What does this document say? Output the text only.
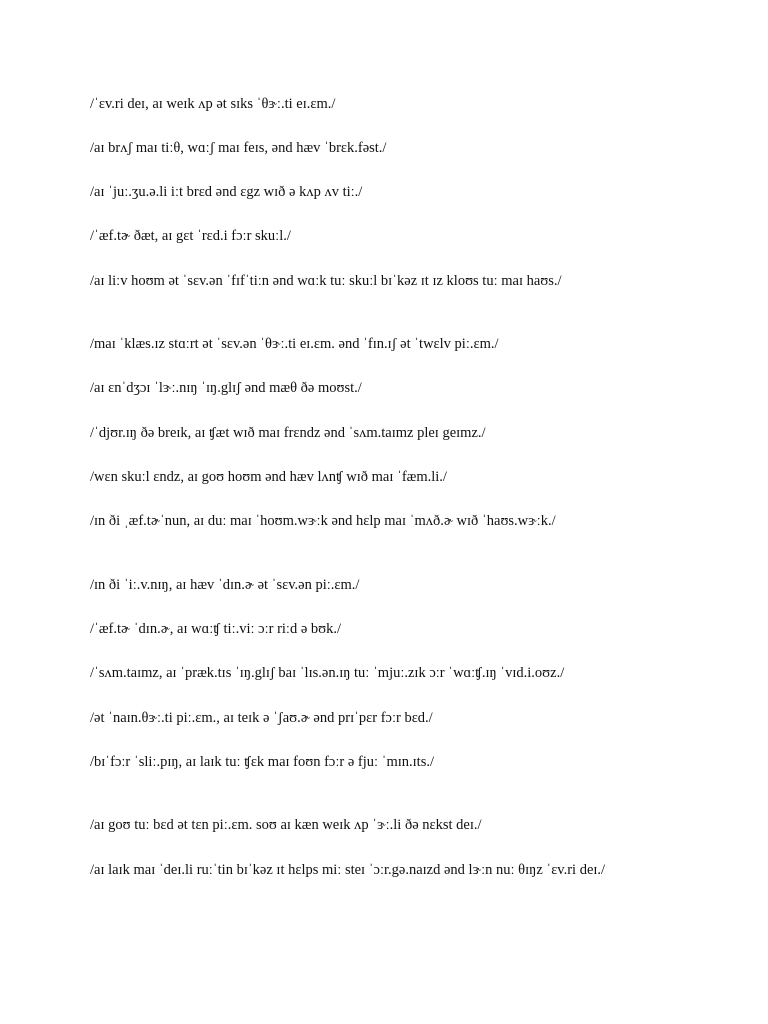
/ˈɛv.ri deɪ, aɪ weɪk ʌp ət sɪks ˈθɝː.ti eɪ.ɛm./
/aɪ brʌʃ maɪ tiːθ, wɑːʃ maɪ feɪs, ənd hæv ˈbrɛk.fəst./
/aɪ ˈjuː.ʒu.ə.li iːt brɛd ənd ɛgz wɪð ə kʌp ʌv tiː./
/ˈæf.tɚ ðæt, aɪ gɛt ˈrɛd.i fɔːr skuːl./
/aɪ liːv hoʊm ət ˈsɛv.ən ˈfɪfˈtiːn ənd wɑːk tuː skuːl bɪˈkəz ɪt ɪz kloʊs tuː maɪ haʊs./
/maɪ ˈklæs.ɪz stɑːrt ət ˈsɛv.ən ˈθɝː.ti eɪ.ɛm. ənd ˈfɪn.ɪʃ ət ˈtwɛlv piː.ɛm./
/aɪ ɛnˈdʒɔɪ ˈlɝː.nɪŋ ˈɪŋ.glɪʃ ənd mæθ ðə moʊst./
/ˈdjʊr.ɪŋ ðə breɪk, aɪ ʧæt wɪð maɪ frɛndz ənd ˈsʌm.taɪmz pleɪ geɪmz./
/wɛn skuːl ɛndz, aɪ goʊ hoʊm ənd hæv lʌnʧ wɪð maɪ ˈfæm.li./
/ɪn ði ˌæf.tɚˈnun, aɪ duː maɪ ˈhoʊm.wɝːk ənd hɛlp maɪ ˈmʌð.ɚ wɪð ˈhaʊs.wɝːk./
/ɪn ði ˈiː.v.nɪŋ, aɪ hæv ˈdɪn.ɚ ət ˈsɛv.ən piː.ɛm./
/ˈæf.tɚ ˈdɪn.ɚ, aɪ wɑːʧ tiː.viː ɔːr riːd ə bʊk./
/ˈsʌm.taɪmz, aɪ ˈpræk.tɪs ˈɪŋ.glɪʃ baɪ ˈlɪs.ən.ɪŋ tuː ˈmjuː.zɪk ɔːr ˈwɑːʧ.ɪŋ ˈvɪd.i.oʊz./
/ət ˈnaɪn.θɝː.ti piː.ɛm., aɪ teɪk ə ˈʃaʊ.ɚ ənd prɪˈpɛr fɔːr bɛd./
/bɪˈfɔːr ˈsliː.pɪŋ, aɪ laɪk tuː ʧɛk maɪ foʊn fɔːr ə fjuː ˈmɪn.ɪts./
/aɪ goʊ tuː bɛd ət tɛn piː.ɛm. soʊ aɪ kæn weɪk ʌp ˈɝː.li ðə nɛkst deɪ./
/aɪ laɪk maɪ ˈdeɪ.li ruːˈtin bɪˈkəz ɪt hɛlps miː steɪ ˈɔːr.gə.naɪzd ənd lɝːn nuː θɪŋz ˈɛv.ri deɪ./
